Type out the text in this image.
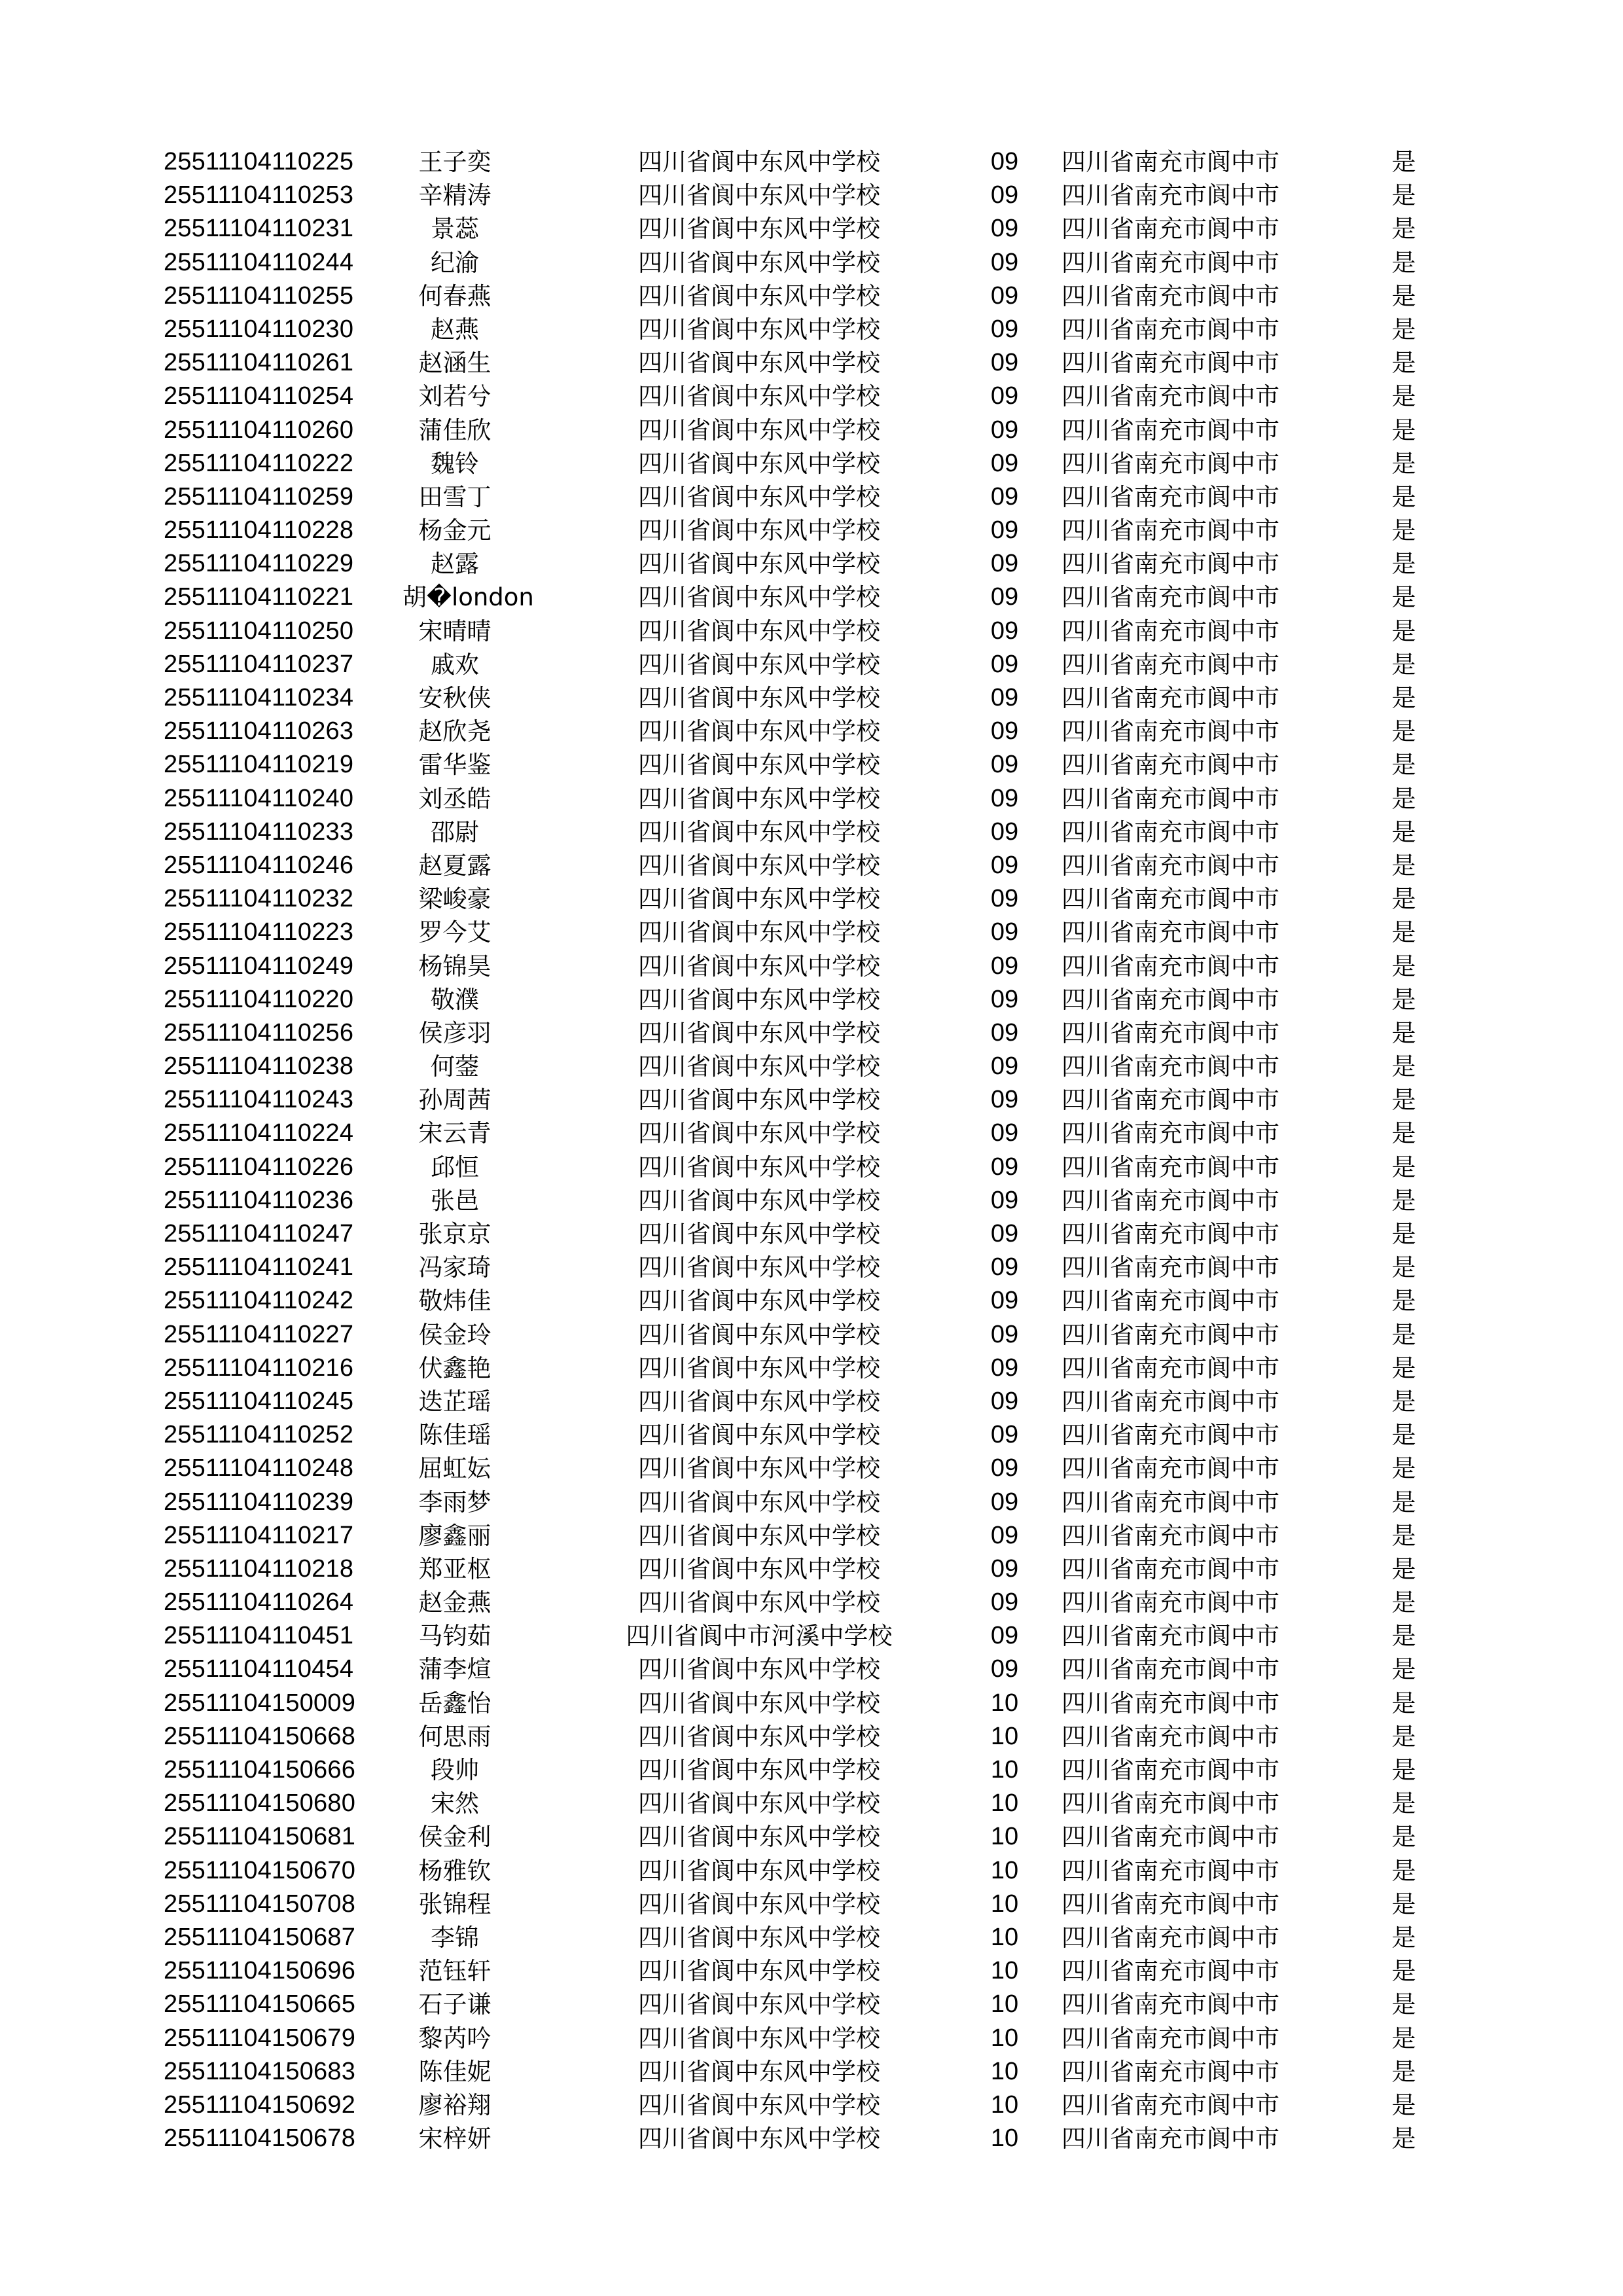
25511104110225	王子奕	四川省阆中东风中学校	09	四川省南充市阆中市	是
25511104110253	辛精涛	四川省阆中东风中学校	09	四川省南充市阆中市	是
25511104110231	景蕊	四川省阆中东风中学校	09	四川省南充市阆中市	是
25511104110244	纪渝	四川省阆中东风中学校	09	四川省南充市阆中市	是
25511104110255	何春燕	四川省阆中东风中学校	09	四川省南充市阆中市	是
25511104110230	赵燕	四川省阆中东风中学校	09	四川省南充市阆中市	是
25511104110261	赵涵生	四川省阆中东风中学校	09	四川省南充市阆中市	是
25511104110254	刘若兮	四川省阆中东风中学校	09	四川省南充市阆中市	是
25511104110260	蒲佳欣	四川省阆中东风中学校	09	四川省南充市阆中市	是
25511104110222	魏铃	四川省阆中东风中学校	09	四川省南充市阆中市	是
25511104110259	田雪丁	四川省阆中东风中学校	09	四川省南充市阆中市	是
25511104110228	杨金元	四川省阆中东风中学校	09	四川省南充市阆中市	是
25511104110229	赵露	四川省阆中东风中学校	09	四川省南充市阆中市	是
25511104110221	胡�london	四川省阆中东风中学校	09	四川省南充市阆中市	是
25511104110250	宋晴晴	四川省阆中东风中学校	09	四川省南充市阆中市	是
25511104110237	戚欢	四川省阆中东风中学校	09	四川省南充市阆中市	是
25511104110234	安秋侠	四川省阆中东风中学校	09	四川省南充市阆中市	是
25511104110263	赵欣尧	四川省阆中东风中学校	09	四川省南充市阆中市	是
25511104110219	雷华鉴	四川省阆中东风中学校	09	四川省南充市阆中市	是
25511104110240	刘丞皓	四川省阆中东风中学校	09	四川省南充市阆中市	是
25511104110233	邵尉	四川省阆中东风中学校	09	四川省南充市阆中市	是
25511104110246	赵夏露	四川省阆中东风中学校	09	四川省南充市阆中市	是
25511104110232	梁峻豪	四川省阆中东风中学校	09	四川省南充市阆中市	是
25511104110223	罗今艾	四川省阆中东风中学校	09	四川省南充市阆中市	是
25511104110249	杨锦昊	四川省阆中东风中学校	09	四川省南充市阆中市	是
25511104110220	敬濮	四川省阆中东风中学校	09	四川省南充市阆中市	是
25511104110256	侯彦羽	四川省阆中东风中学校	09	四川省南充市阆中市	是
25511104110238	何蓥	四川省阆中东风中学校	09	四川省南充市阆中市	是
25511104110243	孙周茜	四川省阆中东风中学校	09	四川省南充市阆中市	是
25511104110224	宋云青	四川省阆中东风中学校	09	四川省南充市阆中市	是
25511104110226	邱恒	四川省阆中东风中学校	09	四川省南充市阆中市	是
25511104110236	张邑	四川省阆中东风中学校	09	四川省南充市阆中市	是
25511104110247	张京京	四川省阆中东风中学校	09	四川省南充市阆中市	是
25511104110241	冯家琦	四川省阆中东风中学校	09	四川省南充市阆中市	是
25511104110242	敬炜佳	四川省阆中东风中学校	09	四川省南充市阆中市	是
25511104110227	侯金玲	四川省阆中东风中学校	09	四川省南充市阆中市	是
25511104110216	伏鑫艳	四川省阆中东风中学校	09	四川省南充市阆中市	是
25511104110245	迭芷瑶	四川省阆中东风中学校	09	四川省南充市阆中市	是
25511104110252	陈佳瑶	四川省阆中东风中学校	09	四川省南充市阆中市	是
25511104110248	屈虹妘	四川省阆中东风中学校	09	四川省南充市阆中市	是
25511104110239	李雨梦	四川省阆中东风中学校	09	四川省南充市阆中市	是
25511104110217	廖鑫丽	四川省阆中东风中学校	09	四川省南充市阆中市	是
25511104110218	郑亚枢	四川省阆中东风中学校	09	四川省南充市阆中市	是
25511104110264	赵金燕	四川省阆中东风中学校	09	四川省南充市阆中市	是
25511104110451	马钧茹	四川省阆中市河溪中学校	09	四川省南充市阆中市	是
25511104110454	蒲李煊	四川省阆中东风中学校	09	四川省南充市阆中市	是
25511104150009	岳鑫怡	四川省阆中东风中学校	10	四川省南充市阆中市	是
25511104150668	何思雨	四川省阆中东风中学校	10	四川省南充市阆中市	是
25511104150666	段帅	四川省阆中东风中学校	10	四川省南充市阆中市	是
25511104150680	宋然	四川省阆中东风中学校	10	四川省南充市阆中市	是
25511104150681	侯金利	四川省阆中东风中学校	10	四川省南充市阆中市	是
25511104150670	杨雅钦	四川省阆中东风中学校	10	四川省南充市阆中市	是
25511104150708	张锦程	四川省阆中东风中学校	10	四川省南充市阆中市	是
25511104150687	李锦	四川省阆中东风中学校	10	四川省南充市阆中市	是
25511104150696	范钰轩	四川省阆中东风中学校	10	四川省南充市阆中市	是
25511104150665	石子谦	四川省阆中东风中学校	10	四川省南充市阆中市	是
25511104150679	黎芮吟	四川省阆中东风中学校	10	四川省南充市阆中市	是
25511104150683	陈佳妮	四川省阆中东风中学校	10	四川省南充市阆中市	是
25511104150692	廖裕翔	四川省阆中东风中学校	10	四川省南充市阆中市	是
25511104150678	宋梓妍	四川省阆中东风中学校	10	四川省南充市阆中市	是
